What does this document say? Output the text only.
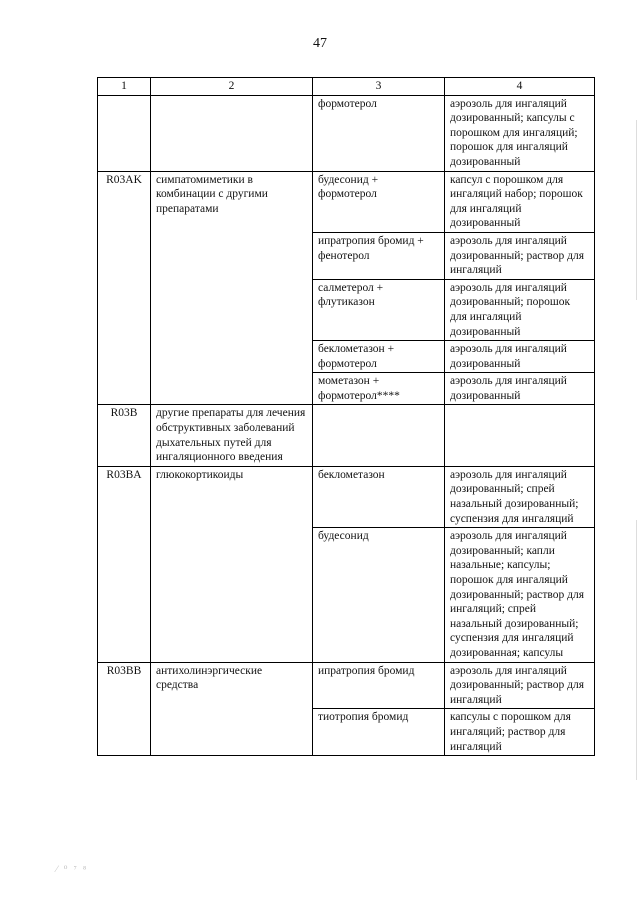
47
1	2	3	4
		формотерол	аэрозоль для ингаляций дозированный; капсулы с порошком для ингаляций; порошок для ингаляций дозированный
R03AK	симпатомиметики в комбинации с другими препаратами	будесонид + формотерол	капсул с порошком для ингаляций набор; порошок для ингаляций дозированный
		ипратропия бромид + фенотерол	аэрозоль для ингаляций дозированный; раствор для ингаляций
		салметерол + флутиказон	аэрозоль для ингаляций дозированный; порошок для ингаляций дозированный
		беклометазон + формотерол	аэрозоль для ингаляций дозированный
		мометазон + формотерол****	аэрозоль для ингаляций дозированный
R03B	другие препараты для лечения обструктивных заболеваний дыхательных путей для ингаляционного введения		
R03BA	глюкокортикоиды	беклометазон	аэрозоль для ингаляций дозированный; спрей назальный дозированный; суспензия для ингаляций
		будесонид	аэрозоль для ингаляций дозированный; капли назальные; капсулы; порошок для ингаляций дозированный; раствор для ингаляций; спрей назальный дозированный; суспензия для ингаляций дозированная; капсулы
R03BB	антихолинэргические средства	ипратропия бромид	аэрозоль для ингаляций дозированный; раствор для ингаляций
		тиотропия бромид	капсулы с порошком для ингаляций; раствор для ингаляций
⁄ ⁰ ⁷ ⁸
